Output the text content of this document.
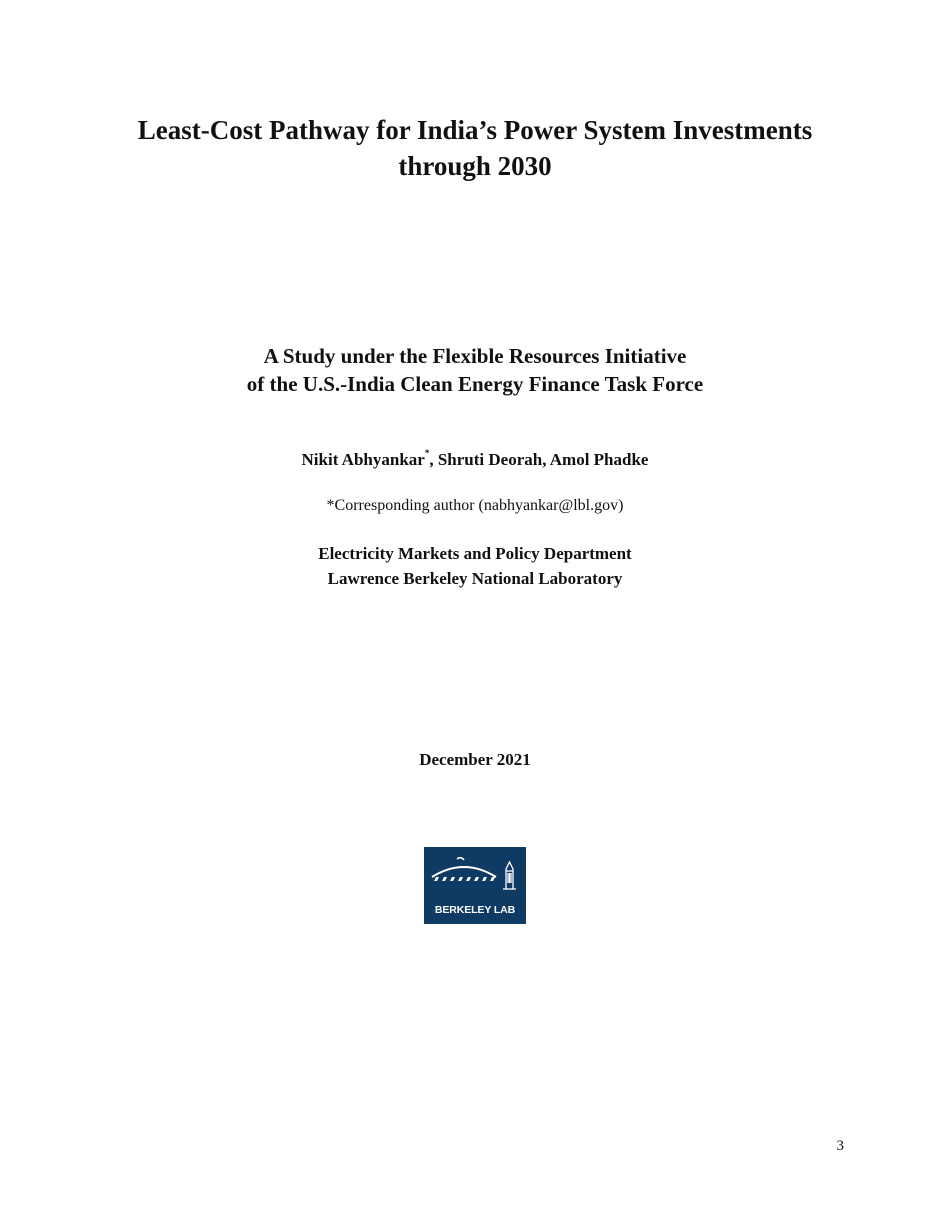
Least-Cost Pathway for India’s Power System Investments
through 2030
A Study under the Flexible Resources Initiative
of the U.S.-India Clean Energy Finance Task Force
Nikit Abhyankar*, Shruti Deorah, Amol Phadke
*Corresponding author (nabhyankar@lbl.gov)
Electricity Markets and Policy Department
Lawrence Berkeley National Laboratory
December 2021
BERKELEY LAB
3
